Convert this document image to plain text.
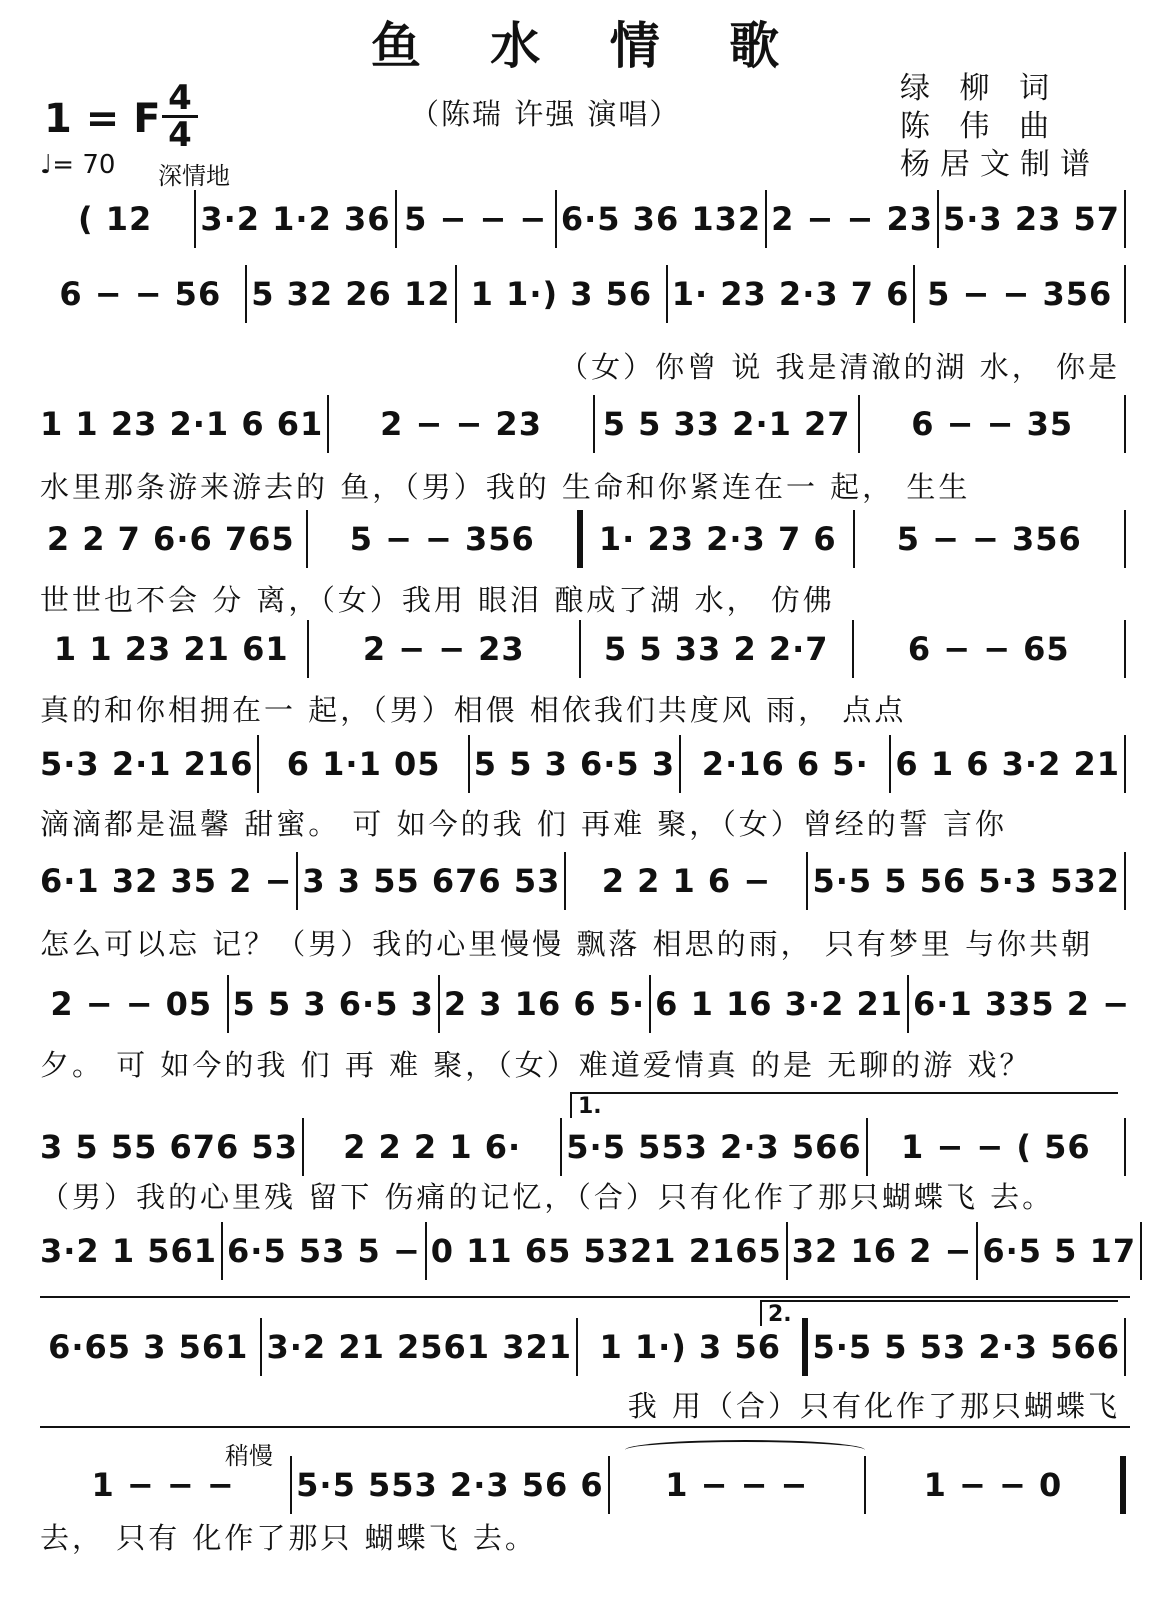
鱼 水 情 歌
1 = F 4
4
♩= 70 深情地
（陈瑞 许强 演唱）
绿 柳 词
陈 伟 曲
杨居文制谱
( 12	3·2 1·2 36 5 − − − 6·5 36 132 2 − − 23 5·3 23 57
6 − − 56 5 32 26 12 1 1·) 3 56 1· 23 2·3 7 6 5 − − 356
（女）你曾 说 我是清澈的湖 水， 你是
1 1 23 2·1 6 61	2 − − 23	5 5 33 2·1 27	6 − − 35
水里那条游来游去的 鱼，（男）我的 生命和你紧连在一 起， 生生
2 2 7 6·6 765	5 − − 356	1· 23 2·3 7 6	5 − − 356
世世也不会 分 离，（女）我用 眼泪 酿成了湖 水， 仿佛
1 1 23 21 61	2 − − 23	5 5 33 2 2·7	6 − − 65
真的和你相拥在一 起，（男）相偎 相依我们共度风 雨， 点点
5·3 2·1 216	6 1·1 05	5 5 3 6·5 3 2·16 6 5· 6 1 6 3·2 21
滴滴都是温馨 甜蜜。 可 如今的我 们 再难 聚，（女）曾经的誓 言你
6·1 32 35 2 − 3 3 55 676 53	2 2 1 6 −	5·5 5 56 5·3 532
怎么可以忘 记？（男）我的心里慢慢 飘落 相思的雨， 只有梦里 与你共朝
2 − − 05 5 5 3 6·5 3 2 3 16 6 5· 6 1 16 3·2 21 6·1 335 2 −
夕。 可 如今的我 们 再 难 聚，（女）难道爱情真 的是 无聊的游 戏？
1.
3 5 55 676 53	2 2 2 1 6·	5·5 553 2·3 566	1 − − ( 56
（男）我的心里残 留下 伤痛的记忆，（合）只有化作了那只蝴蝶飞 去。
3·2 1 561 6·5 53 5 − 0 11 65 5321 2165 32 16 2 − 6·5 5 17
2.
6·65 3 561 3·2 21 2561 321 1 1·) 3 56 5·5 5 53 2·3 566
我 用（合）只有化作了那只蝴蝶飞
稍慢
1 − − −	5·5 553 2·3 56 6	1 − − −	1 − − 0
去， 只有 化作了那只 蝴蝶飞 去。
